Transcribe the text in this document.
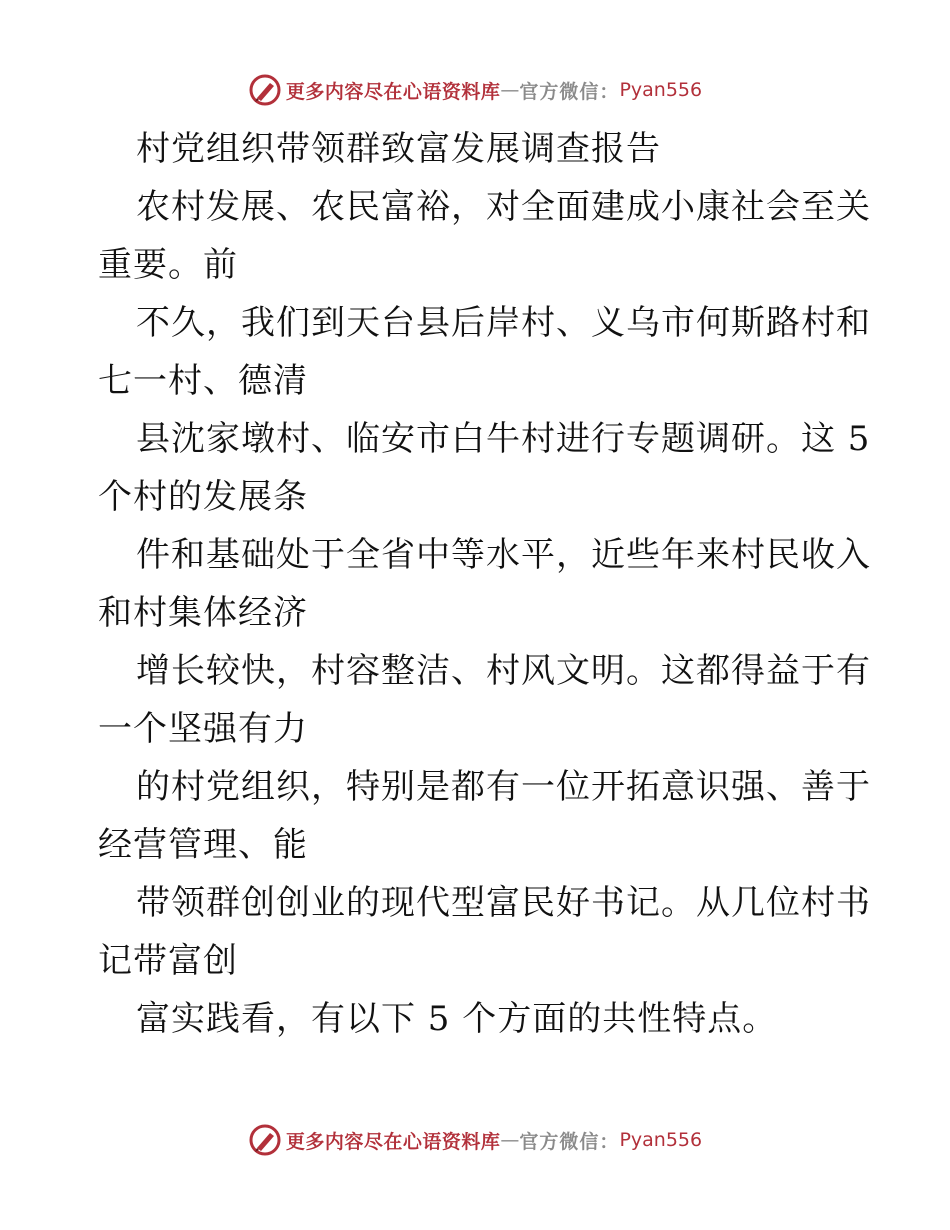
更多内容尽在心语资料库 — 官方微信： Pyan556
村党组织带领群致富发展调查报告
农村发展、农民富裕，对全面建成小康社会至关
重要。前
不久，我们到天台县后岸村、义乌市何斯路村和
七一村、德清
县沈家墩村、临安市白牛村进行专题调研。这 5
个村的发展条
件和基础处于全省中等水平，近些年来村民收入
和村集体经济
增长较快，村容整洁、村风文明。这都得益于有
一个坚强有力
的村党组织，特别是都有一位开拓意识强、善于
经营管理、能
带领群创创业的现代型富民好书记。从几位村书
记带富创
富实践看，有以下 5 个方面的共性特点。
更多内容尽在心语资料库 — 官方微信： Pyan556
